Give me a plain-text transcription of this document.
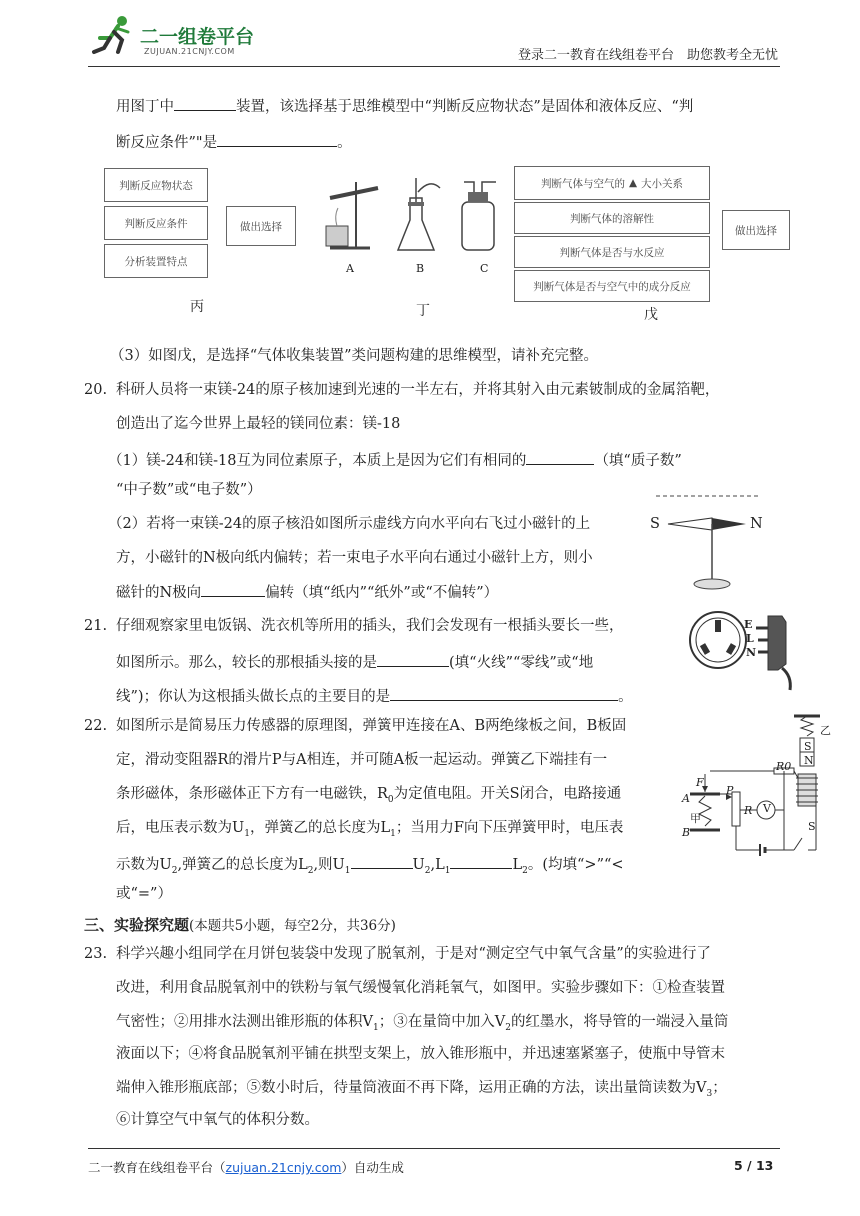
二一组卷平台
ZUJUAN.21CNJY.COM	登录二一教育在线组卷平台　助您教考全无忧
用图丁中	装置，该选择基于思维模型中“判断反应物状态”是固体和液体反应、“判
断反应条件”"是	。
判断反应物状态
判断反应条件
分析装置特点
丙
做出选择
A	B	C
丁
判断气体与空气的 ▲ 大小关系
判断气体的溶解性
判断气体是否与水反应
判断气体是否与空气中的成分反应
做出选择
戊
（3）如图戊，是选择“气体收集装置”类问题构建的思维模型，请补充完整。
20. 科研人员将一束镁-24的原子核加速到光速的一半左右，并将其射入由元素铍制成的金属箔靶，
创造出了迄今世界上最轻的镁同位素：镁-18
（1）镁-24和镁-18互为同位素原子，本质上是因为它们有相同的	（填“质子数”
“中子数”或“电子数”）
（2）若将一束镁-24的原子核沿如图所示虚线方向水平向右飞过小磁针的上
方，小磁针的N极向纸内偏转；若一束电子水平向右通过小磁针上方，则小
磁针的N极向	偏转（填“纸内”“纸外”或“不偏转”）
S	N
21. 仔细观察家里电饭锅、洗衣机等所用的插头，我们会发现有一根插头要长一些，
如图所示。那么，较长的那根插头接的是	(填“火线”“零线”或“地
线”)；你认为这根插头做长点的主要目的是	。
E
L
N
22. 如图所示是简易压力传感器的原理图，弹簧甲连接在A、B两绝缘板之间，B板固
定，滑动变阻器R的滑片P与A相连，并可随A板一起运动。弹簧乙下端挂有一
条形磁体，条形磁体正下方有一电磁铁，$R_0$为定值电阻。开关S闭合，电路接通
后，电压表示数为$U_1$，弹簧乙的总长度为$L_1$；当用力F向下压弹簧甲时，电压表
示数为$U_2$,弹簧乙的总长度为$L_2$,则$U_1$	$U_2,L_1$	$L_2$。(均填“>”“<
或“=”）
乙
S
N
R0
F
A
甲
P
R V
B	S
三、实验探究题(本题共5小题，每空2分，共36分)
23. 科学兴趣小组同学在月饼包装袋中发现了脱氧剂，于是对“测定空气中氧气含量”的实验进行了
改进，利用食品脱氧剂中的铁粉与氧气缓慢氧化消耗氧气，如图甲。实验步骤如下：①检查装置
气密性；②用排水法测出锥形瓶的体积$V_1$；③在量筒中加入$V_2$的红墨水，将导管的一端浸入量筒
液面以下；④将食品脱氧剂平铺在拱型支架上，放入锥形瓶中，并迅速塞紧塞子，使瓶中导管末
端伸入锥形瓶底部；⑤数小时后，待量筒液面不再下降，运用正确的方法，读出量筒读数为$V_3$；
⑥计算空气中氧气的体积分数。
二一教育在线组卷平台（zujuan.21cnjy.com）自动生成	5 / 13
